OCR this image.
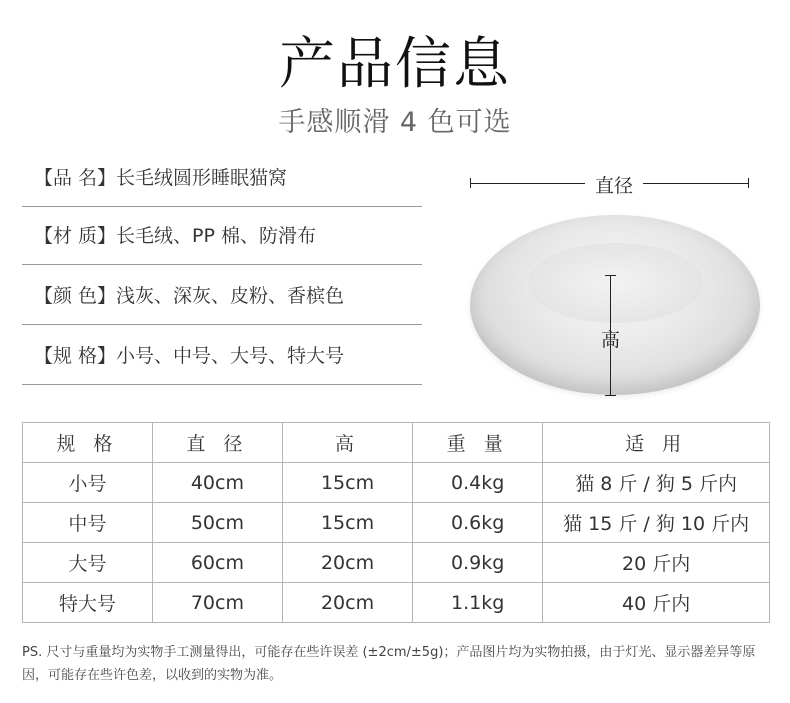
产品信息
手感顺滑 4 色可选
【品 名】长毛绒圆形睡眠猫窝
【材 质】长毛绒、PP 棉、防滑布
【颜 色】浅灰、深灰、皮粉、香槟色
【规 格】小号、中号、大号、特大号
直径
高
规 格	直 径	高	重 量	适 用
小号	40cm	15cm	0.4kg	猫 8 斤 / 狗 5 斤内
中号	50cm	15cm	0.6kg	猫 15 斤 / 狗 10 斤内
大号	60cm	20cm	0.9kg	20 斤内
特大号	70cm	20cm	1.1kg	40 斤内
PS. 尺寸与重量均为实物手工测量得出，可能存在些许误差 (±2cm/±5g)；产品图片均为实物拍摄，由于灯光、显示器差异等原因，可能存在些许色差，以收到的实物为准。
